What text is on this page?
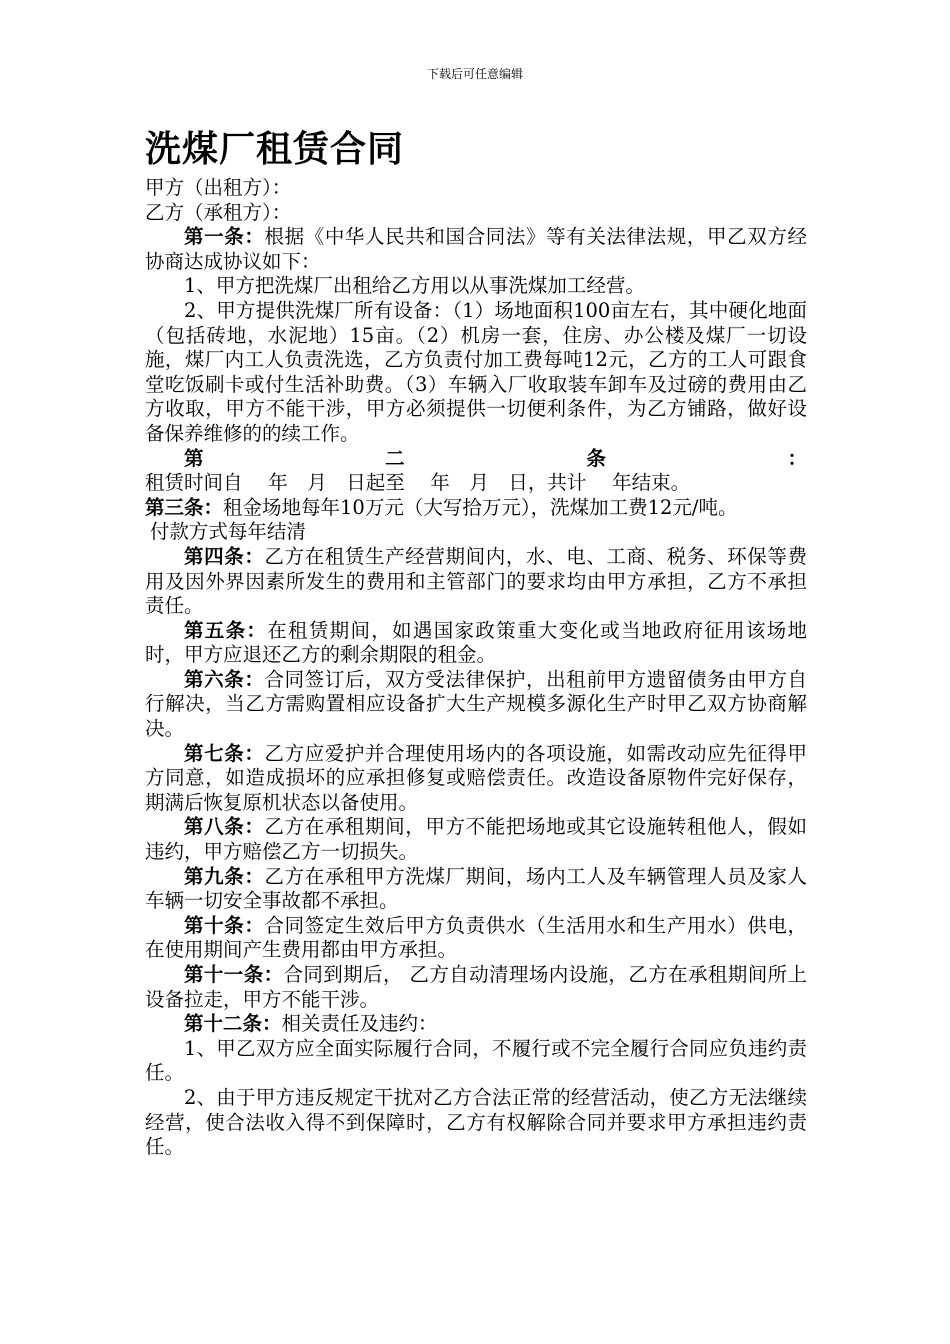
下载后可任意编辑
洗煤厂租赁合同

甲方（出租方）：

乙方（承租方）：

第一条：根据《中华人民共和国合同法》等有关法律法规，甲乙双方经协商达成协议如下：

1、甲方把洗煤厂出租给乙方用以从事洗煤加工经营。

2、甲方提供洗煤厂所有设备：（1）场地面积100亩左右，其中硬化地面（包括砖地，水泥地）15亩。（2）机房一套，住房、办公楼及煤厂一切设施，煤厂内工人负责洗选，乙方负责付加工费每吨12元，乙方的工人可跟食堂吃饭刷卡或付生活补助费。（3）车辆入厂收取装车卸车及过磅的费用由乙方收取，甲方不能干涉，甲方必须提供一切便利条件，为乙方铺路，做好设备保养维修的的续工作。

第二条：租赁时间自　 年　月　日起至　 年　月　日，共计　 年结束。

第三条：租金场地每年10万元（大写拾万元），洗煤加工费12元/吨。

付款方式每年结清

第四条：乙方在租赁生产经营期间内，水、电、工商、税务、环保等费用及因外界因素所发生的费用和主管部门的要求均由甲方承担，乙方不承担责任。

第五条：在租赁期间，如遇国家政策重大变化或当地政府征用该场地时，甲方应退还乙方的剩余期限的租金。

第六条：合同签订后，双方受法律保护，出租前甲方遗留债务由甲方自行解决，当乙方需购置相应设备扩大生产规模多源化生产时甲乙双方协商解决。

第七条：乙方应爱护并合理使用场内的各项设施，如需改动应先征得甲方同意，如造成损坏的应承担修复或赔偿责任。改造设备原物件完好保存，期满后恢复原机状态以备使用。

第八条：乙方在承租期间，甲方不能把场地或其它设施转租他人，假如违约，甲方赔偿乙方一切损失。

第九条：乙方在承租甲方洗煤厂期间，场内工人及车辆管理人员及家人车辆一切安全事故都不承担。

第十条：合同签定生效后甲方负责供水（生活用水和生产用水）供电，在使用期间产生费用都由甲方承担。

第十一条：合同到期后， 乙方自动清理场内设施，乙方在承租期间所上设备拉走，甲方不能干涉。

第十二条：相关责任及违约：

1、甲乙双方应全面实际履行合同，不履行或不完全履行合同应负违约责任。

2、由于甲方违反规定干扰对乙方合法正常的经营活动，使乙方无法继续经营，使合法收入得不到保障时，乙方有权解除合同并要求甲方承担违约责任。
